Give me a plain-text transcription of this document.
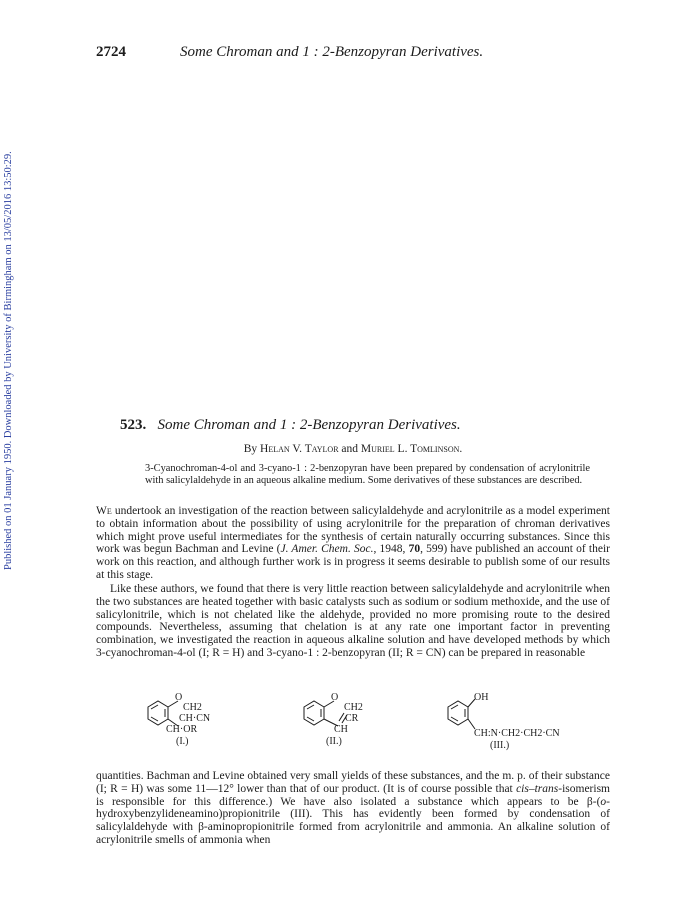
Published on 01 January 1950. Downloaded by University of Birmingham on 13/05/2016 13:50:29.
2724	Some Chroman and 1 : 2-Benzopyran Derivatives.
523. Some Chroman and 1 : 2-Benzopyran Derivatives.
By Helan V. Taylor and Muriel L. Tomlinson.
3-Cyanochroman-4-ol and 3-cyano-1 : 2-benzopyran have been prepared by condensation of acrylonitrile with salicylaldehyde in an aqueous alkaline medium. Some derivatives of these substances are described.

We undertook an investigation of the reaction between salicylaldehyde and acrylonitrile as a model experiment to obtain information about the possibility of using acrylonitrile for the preparation of chroman derivatives which might prove useful intermediates for the synthesis of certain naturally occurring substances. Since this work was begun Bachman and Levine (J. Amer. Chem. Soc., 1948, 70, 599) have published an account of their work on this reaction, and although further work is in progress it seems desirable to publish some of our results at this stage.

Like these authors, we found that there is very little reaction between salicylaldehyde and acrylonitrile when the two substances are heated together with basic catalysts such as sodium or sodium methoxide, and the use of salicylonitrile, which is not chelated like the aldehyde, provided no more promising route to the desired compounds. Nevertheless, assuming that chelation is at any rate one important factor in preventing combination, we investigated the reaction in aqueous alkaline solution and have developed methods by which 3-cyanochroman-4-ol (I; R = H) and 3-cyano-1 : 2-benzopyran (II; R = CN) can be prepared in reasonable

O
CH2
CH·CN
CH·OR
(I.)
O
CH2
CR
CH
(II.)
OH
CH:N·CH2·CH2·CN
(III.)

quantities. Bachman and Levine obtained very small yields of these substances, and the m. p. of their substance (I; R = H) was some 11—12° lower than that of our product. (It is of course possible that cis–trans-isomerism is responsible for this difference.) We have also isolated a substance which appears to be β-(o-hydroxybenzylideneamino)propionitrile (III). This has evidently been formed by condensation of salicylaldehyde with β-aminopropionitrile formed from acrylonitrile and ammonia. An alkaline solution of acrylonitrile smells of ammonia when
